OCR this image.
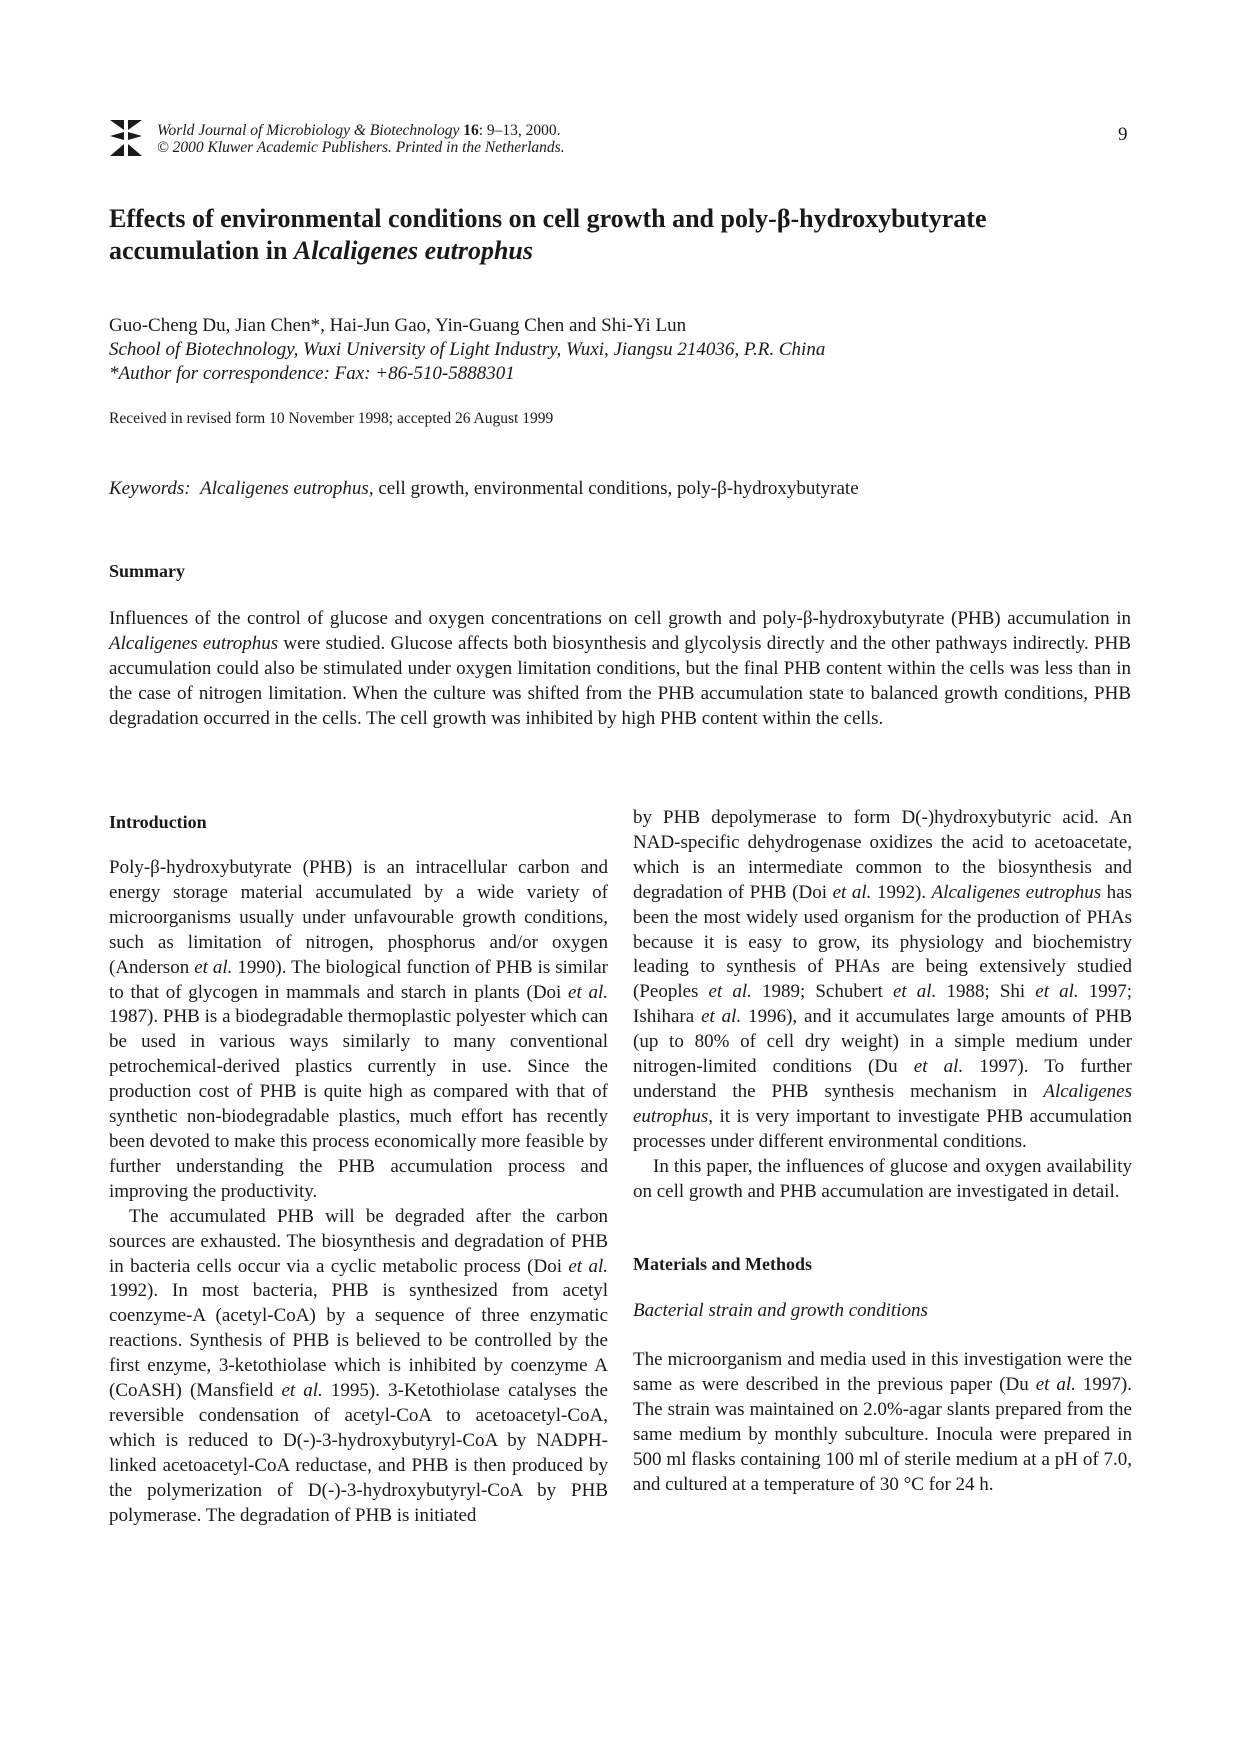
World Journal of Microbiology & Biotechnology 16: 9–13, 2000.
© 2000 Kluwer Academic Publishers. Printed in the Netherlands.
9
Effects of environmental conditions on cell growth and poly-β-hydroxybutyrate
accumulation in Alcaligenes eutrophus
Guo-Cheng Du, Jian Chen*, Hai-Jun Gao, Yin-Guang Chen and Shi-Yi Lun
School of Biotechnology, Wuxi University of Light Industry, Wuxi, Jiangsu 214036, P.R. China
*Author for correspondence: Fax: +86-510-5888301
Received in revised form 10 November 1998; accepted 26 August 1999
Keywords: Alcaligenes eutrophus, cell growth, environmental conditions, poly-β-hydroxybutyrate
Summary
Influences of the control of glucose and oxygen concentrations on cell growth and poly-β-hydroxybutyrate (PHB) accumulation in Alcaligenes eutrophus were studied. Glucose affects both biosynthesis and glycolysis directly and the other pathways indirectly. PHB accumulation could also be stimulated under oxygen limitation conditions, but the final PHB content within the cells was less than in the case of nitrogen limitation. When the culture was shifted from the PHB accumulation state to balanced growth conditions, PHB degradation occurred in the cells. The cell growth was inhibited by high PHB content within the cells.
Introduction

Poly-β-hydroxybutyrate (PHB) is an intracellular carbon and energy storage material accumulated by a wide variety of microorganisms usually under unfavourable growth conditions, such as limitation of nitrogen, phosphorus and/or oxygen (Anderson et al. 1990). The biological function of PHB is similar to that of glycogen in mammals and starch in plants (Doi et al. 1987). PHB is a biodegradable thermoplastic polyester which can be used in various ways similarly to many conventional petrochemical-derived plastics currently in use. Since the production cost of PHB is quite high as compared with that of synthetic non-biodegradable plastics, much effort has recently been devoted to make this process economically more feasible by further understanding the PHB accumulation process and improving the productivity.

The accumulated PHB will be degraded after the carbon sources are exhausted. The biosynthesis and degradation of PHB in bacteria cells occur via a cyclic metabolic process (Doi et al. 1992). In most bacteria, PHB is synthesized from acetyl coenzyme-A (acetyl-CoA) by a sequence of three enzymatic reactions. Synthesis of PHB is believed to be controlled by the first enzyme, 3-ketothiolase which is inhibited by coenzyme A (CoASH) (Mansfield et al. 1995). 3-Ketothiolase catalyses the reversible condensation of acetyl-CoA to acetoacetyl-CoA, which is reduced to D(-)-3-hydroxybutyryl-CoA by NADPH-linked acetoacetyl-CoA reductase, and PHB is then produced by the polymerization of D(-)-3-hydroxybutyryl-CoA by PHB polymerase. The degradation of PHB is initiated

by PHB depolymerase to form D(-)hydroxybutyric acid. An NAD-specific dehydrogenase oxidizes the acid to acetoacetate, which is an intermediate common to the biosynthesis and degradation of PHB (Doi et al. 1992). Alcaligenes eutrophus has been the most widely used organism for the production of PHAs because it is easy to grow, its physiology and biochemistry leading to synthesis of PHAs are being extensively studied (Peoples et al. 1989; Schubert et al. 1988; Shi et al. 1997; Ishihara et al. 1996), and it accumulates large amounts of PHB (up to 80% of cell dry weight) in a simple medium under nitrogen-limited conditions (Du et al. 1997). To further understand the PHB synthesis mechanism in Alcaligenes eutrophus, it is very important to investigate PHB accumulation processes under different environmental conditions.

In this paper, the influences of glucose and oxygen availability on cell growth and PHB accumulation are investigated in detail.

Materials and Methods

Bacterial strain and growth conditions

The microorganism and media used in this investigation were the same as were described in the previous paper (Du et al. 1997). The strain was maintained on 2.0%-agar slants prepared from the same medium by monthly subculture. Inocula were prepared in 500 ml flasks containing 100 ml of sterile medium at a pH of 7.0, and cultured at a temperature of 30 °C for 24 h.
